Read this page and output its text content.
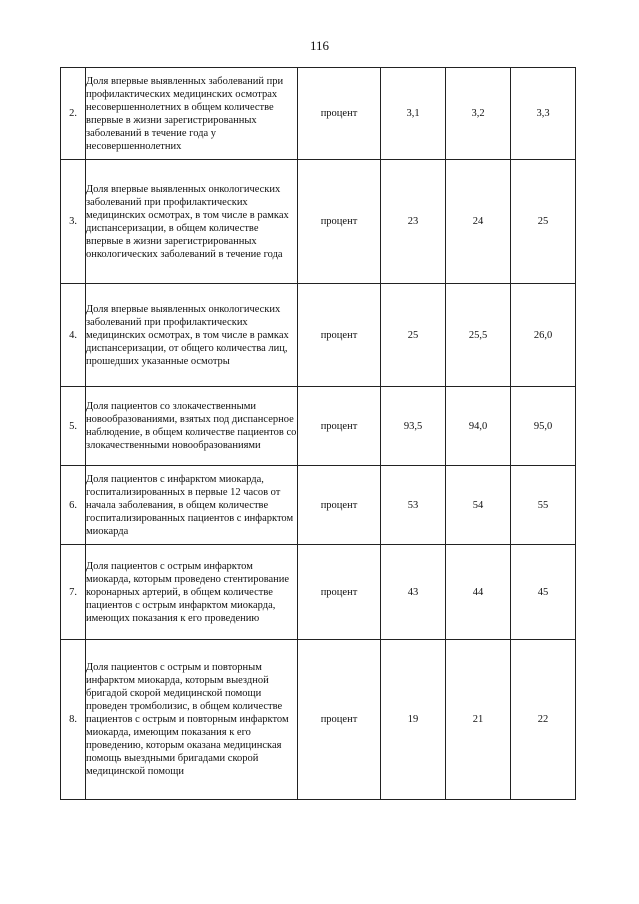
116
2.	Доля впервые выявленных заболеваний при профилактических медицинских осмотрах несовершеннолетних в общем количестве впервые в жизни зарегистрированных заболеваний в течение года у несовершеннолетних	процент	3,1	3,2	3,3
3.	Доля впервые выявленных онкологических заболеваний при профилактических медицинских осмотрах, в том числе в рамках диспансеризации, в общем количестве впервые в жизни зарегистрированных онкологических заболеваний в течение года	процент	23	24	25
4.	Доля впервые выявленных онкологических заболеваний при профилактических медицинских осмотрах, в том числе в рамках диспансеризации, от общего количества лиц, прошедших указанные осмотры	процент	25	25,5	26,0
5.	Доля пациентов со злокачественными новообразованиями, взятых под диспансерное наблюдение, в общем количестве пациентов со злокачественными новообразованиями	процент	93,5	94,0	95,0
6.	Доля пациентов с инфарктом миокарда, госпитализированных в первые 12 часов от начала заболевания, в общем количестве госпитализированных пациентов с инфарктом миокарда	процент	53	54	55
7.	Доля пациентов с острым инфарктом миокарда, которым проведено стентирование коронарных артерий, в общем количестве пациентов с острым инфарктом миокарда, имеющих показания к его проведению	процент	43	44	45
8.	Доля пациентов с острым и повторным инфарктом миокарда, которым выездной бригадой скорой медицинской помощи проведен тромболизис, в общем количестве пациентов с острым и повторным инфарктом миокарда, имеющим показания к его проведению, которым оказана медицинская помощь выездными бригадами скорой медицинской помощи	процент	19	21	22
